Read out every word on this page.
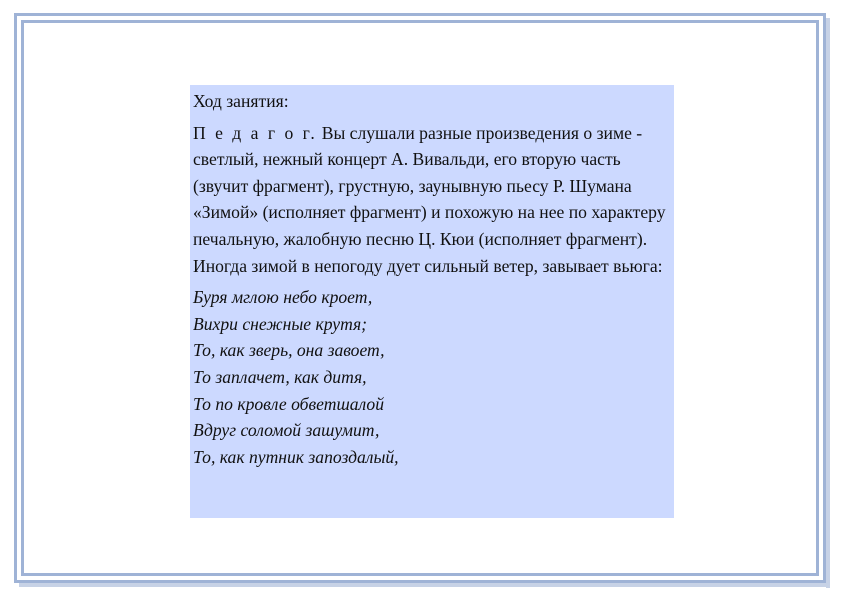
Ход занятия:
П е д а г о г. Вы слушали разные произведения о зиме - светлый, нежный концерт А. Вивальди, его вторую часть (звучит фрагмент), грустную, заунывную пьесу Р. Шумана «Зимой» (исполняет фрагмент) и похожую на нее по характеру печальную, жалобную песню Ц. Кюи (исполняет фрагмент). Иногда зимой в непогоду дует сильный ветер, завывает вьюга:
Буря мглою небо кроет,
Вихри снежные крутя;
То, как зверь, она завоет,
То заплачет, как дитя,
То по кровле обветшалой
Вдруг соломой зашумит,
То, как путник запоздалый,
